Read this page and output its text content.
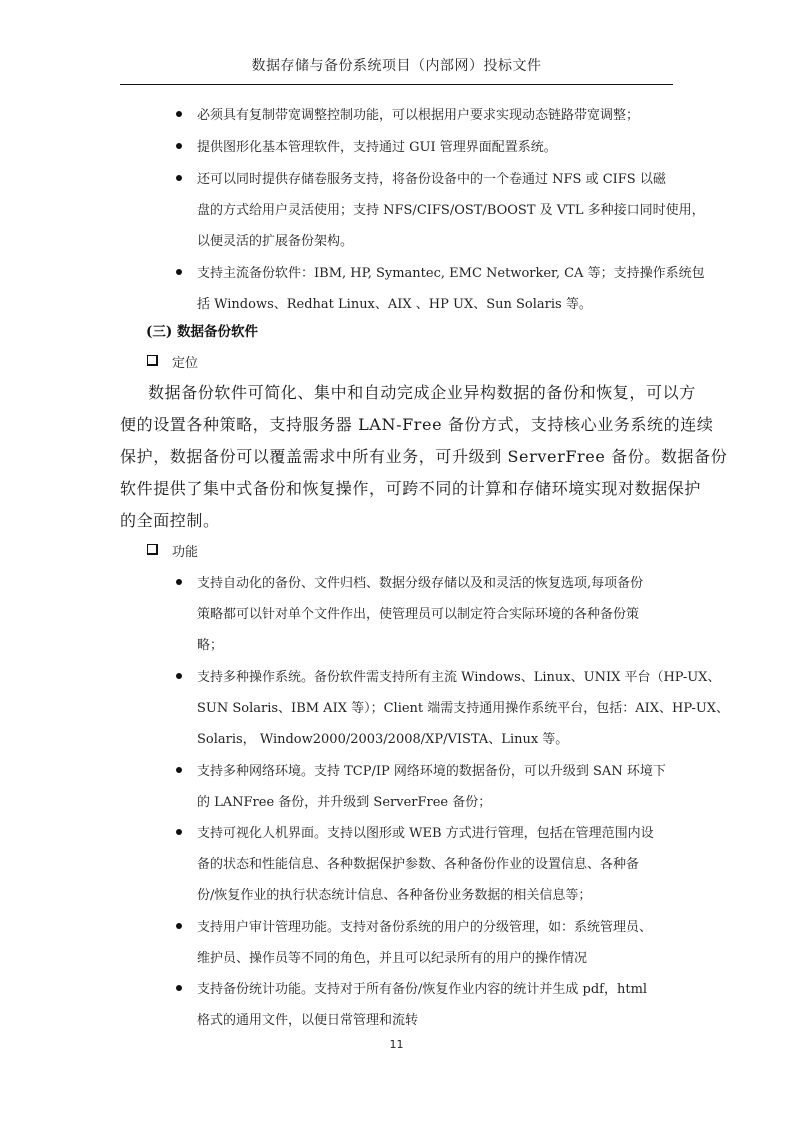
数据存储与备份系统项目（内部网）投标文件
必须具有复制带宽调整控制功能，可以根据用户要求实现动态链路带宽调整；
提供图形化基本管理软件，支持通过 GUI 管理界面配置系统。
还可以同时提供存储卷服务支持，将备份设备中的一个卷通过 NFS 或 CIFS 以磁
盘的方式给用户灵活使用；支持 NFS/CIFS/OST/BOOST 及 VTL 多种接口同时使用，
以便灵活的扩展备份架构。
支持主流备份软件：IBM, HP, Symantec, EMC Networker, CA 等；支持操作系统包
括 Windows、Redhat Linux、AIX 、HP UX、Sun Solaris 等。
(三) 数据备份软件
定位
数据备份软件可简化、集中和自动完成企业异构数据的备份和恢复，可以方
便的设置各种策略，支持服务器 LAN-Free 备份方式，支持核心业务系统的连续
保护，数据备份可以覆盖需求中所有业务，可升级到 ServerFree 备份。数据备份
软件提供了集中式备份和恢复操作，可跨不同的计算和存储环境实现对数据保护
的全面控制。
功能
支持自动化的备份、文件归档、数据分级存储以及和灵活的恢复选项,每项备份
策略都可以针对单个文件作出，使管理员可以制定符合实际环境的各种备份策
略；
支持多种操作系统。备份软件需支持所有主流 Windows、Linux、UNIX 平台（HP-UX、
SUN Solaris、IBM AIX 等）；Client 端需支持通用操作系统平台，包括：AIX、HP-UX、
Solaris， Window2000/2003/2008/XP/VISTA、Linux 等。
支持多种网络环境。支持 TCP/IP 网络环境的数据备份，可以升级到 SAN 环境下
的 LANFree 备份，并升级到 ServerFree 备份；
支持可视化人机界面。支持以图形或 WEB 方式进行管理，包括在管理范围内设
备的状态和性能信息、各种数据保护参数、各种备份作业的设置信息、各种备
份/恢复作业的执行状态统计信息、各种备份业务数据的相关信息等；
支持用户审计管理功能。支持对备份系统的用户的分级管理，如：系统管理员、
维护员、操作员等不同的角色，并且可以纪录所有的用户的操作情况
支持备份统计功能。支持对于所有备份/恢复作业内容的统计并生成 pdf，html
格式的通用文件，以便日常管理和流转
11
